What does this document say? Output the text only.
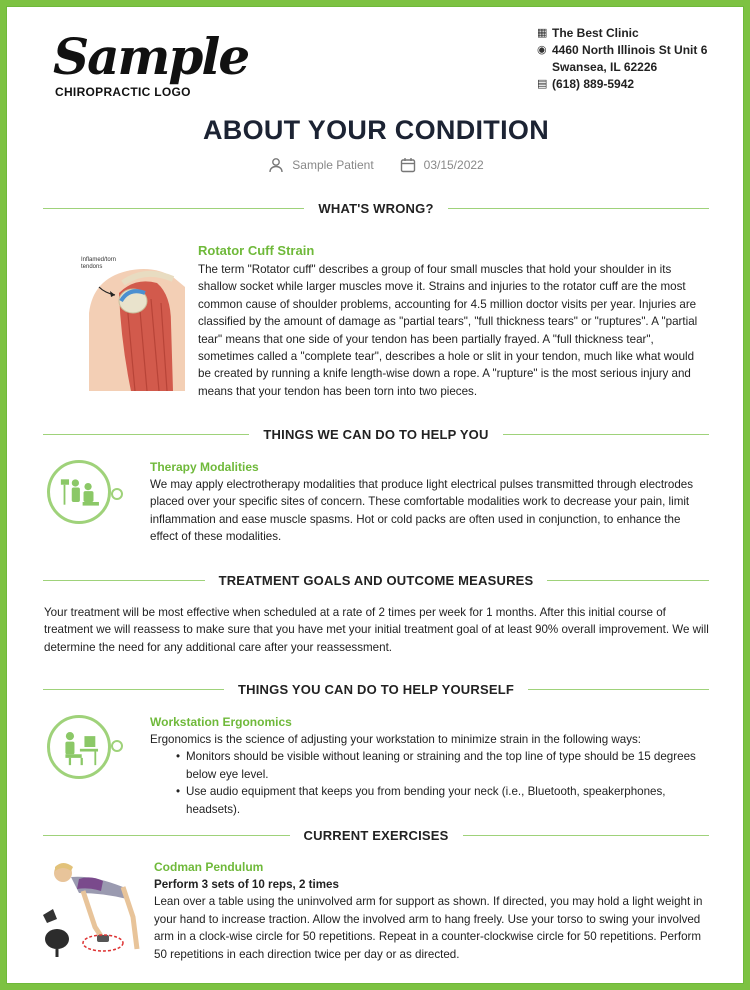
Sample
CHIROPRACTIC LOGO
▦ The Best Clinic
◉ 4460 North Illinois St Unit 6
Swansea, IL 62226
▤ (618) 889-5942
ABOUT YOUR CONDITION
Sample Patient	03/15/2022
WHAT'S WRONG?
Inflamed/torn tendons
Rotator Cuff Strain
The term "Rotator cuff" describes a group of four small muscles that hold your shoulder in its shallow socket while larger muscles move it. Strains and injuries to the rotator cuff are the most common cause of shoulder problems, accounting for 4.5 million doctor visits per year. Injuries are classified by the amount of damage as "partial tears", "full thickness tears" or "ruptures". A "partial tear" means that one side of your tendon has been partially frayed. A "full thickness tear", sometimes called a "complete tear", describes a hole or slit in your tendon, much like what would be created by running a knife length-wise down a rope. A "rupture" is the most serious injury and means that your tendon has been torn into two pieces.
THINGS WE CAN DO TO HELP YOU
Therapy Modalities
We may apply electrotherapy modalities that produce light electrical pulses transmitted through electrodes placed over your specific sites of concern. These comfortable modalities work to decrease your pain, limit inflammation and ease muscle spasms. Hot or cold packs are often used in conjunction, to enhance the effect of these modalities.
TREATMENT GOALS AND OUTCOME MEASURES
Your treatment will be most effective when scheduled at a rate of 2 times per week for 1 months. After this initial course of treatment we will reassess to make sure that you have met your initial treatment goal of at least 90% overall improvement. We will determine the need for any additional care after your reassessment.
THINGS YOU CAN DO TO HELP YOURSELF
Workstation Ergonomics
Ergonomics is the science of adjusting your workstation to minimize strain in the following ways:
• Monitors should be visible without leaning or straining and the top line of type should be 15 degrees below eye level.
• Use audio equipment that keeps you from bending your neck (i.e., Bluetooth, speakerphones, headsets).
CURRENT EXERCISES
Codman Pendulum
Perform 3 sets of 10 reps, 2 times
Lean over a table using the uninvolved arm for support as shown. If directed, you may hold a light weight in your hand to increase traction. Allow the involved arm to hang freely. Use your torso to swing your involved arm in a clock-wise circle for 50 repetitions. Repeat in a counter-clockwise circle for 50 repetitions. Perform 50 repetitions in each direction twice per day or as directed.
